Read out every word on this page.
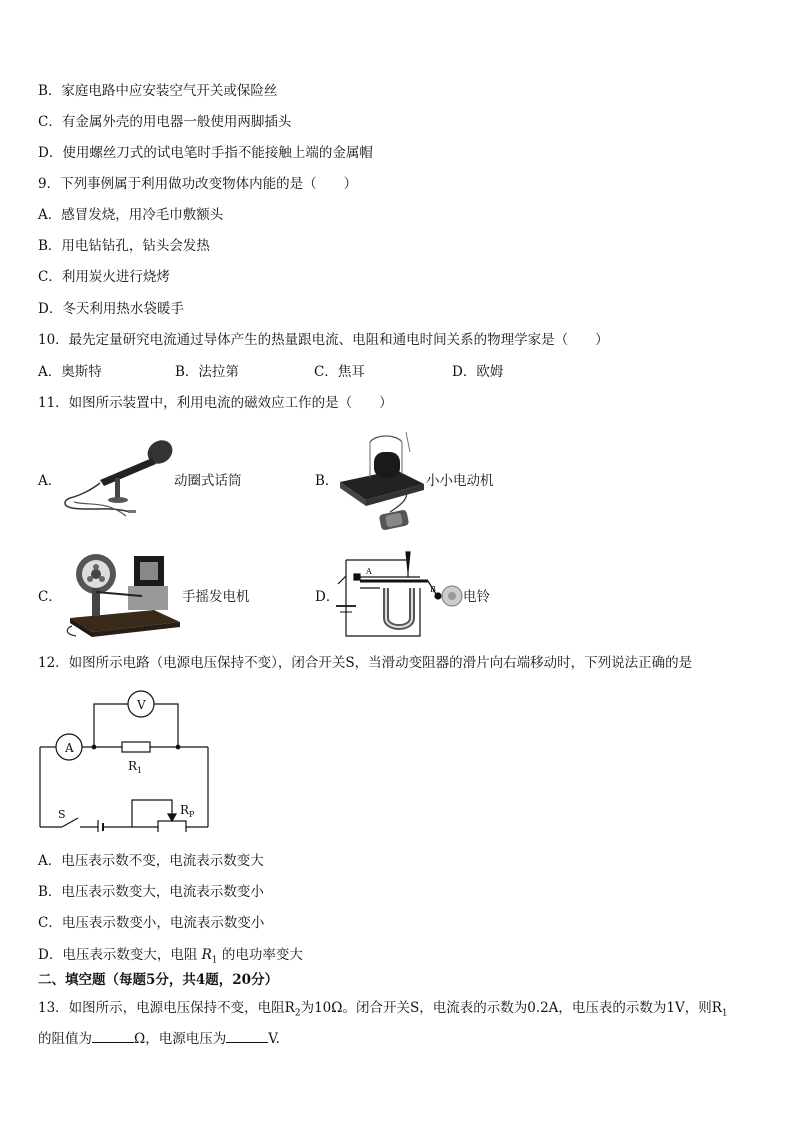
B．家庭电路中应安装空气开关或保险丝
C．有金属外壳的用电器一般使用两脚插头
D．使用螺丝刀式的试电笔时手指不能接触上端的金属帽
9．下列事例属于利用做功改变物体内能的是（　　）
A．感冒发烧，用冷毛巾敷额头
B．用电钻钻孔，钻头会发热
C．利用炭火进行烧烤
D．冬天利用热水袋暖手
10．最先定量研究电流通过导体产生的热量跟电流、电阻和通电时间关系的物理学家是（　　）
A．奥斯特	B．法拉第	C．焦耳	D．欧姆
11．如图所示装置中，利用电流的磁效应工作的是（　　）
A．	动圈式话筒	B．	小小电动机
C．	手摇发电机	D．
A
B 电铃
12．如图所示电路（电源电压保持不变），闭合开关S，当滑动变阻器的滑片向右端移动时，下列说法正确的是
V
A
R 1
R P
S
A．电压表示数不变，电流表示数变大
B．电压表示数变大，电流表示数变小
C．电压表示数变小，电流表示数变小
D．电压表示数变大，电阻 $R_1$ 的电功率变大
二、填空题（每题5分，共4题，20分）
13．如图所示，电源电压保持不变，电阻$R_2$为10Ω。闭合开关S，电流表的示数为0.2A，电压表的示数为1V，则$R_1$
的阻值为	Ω，电源电压为	V.
